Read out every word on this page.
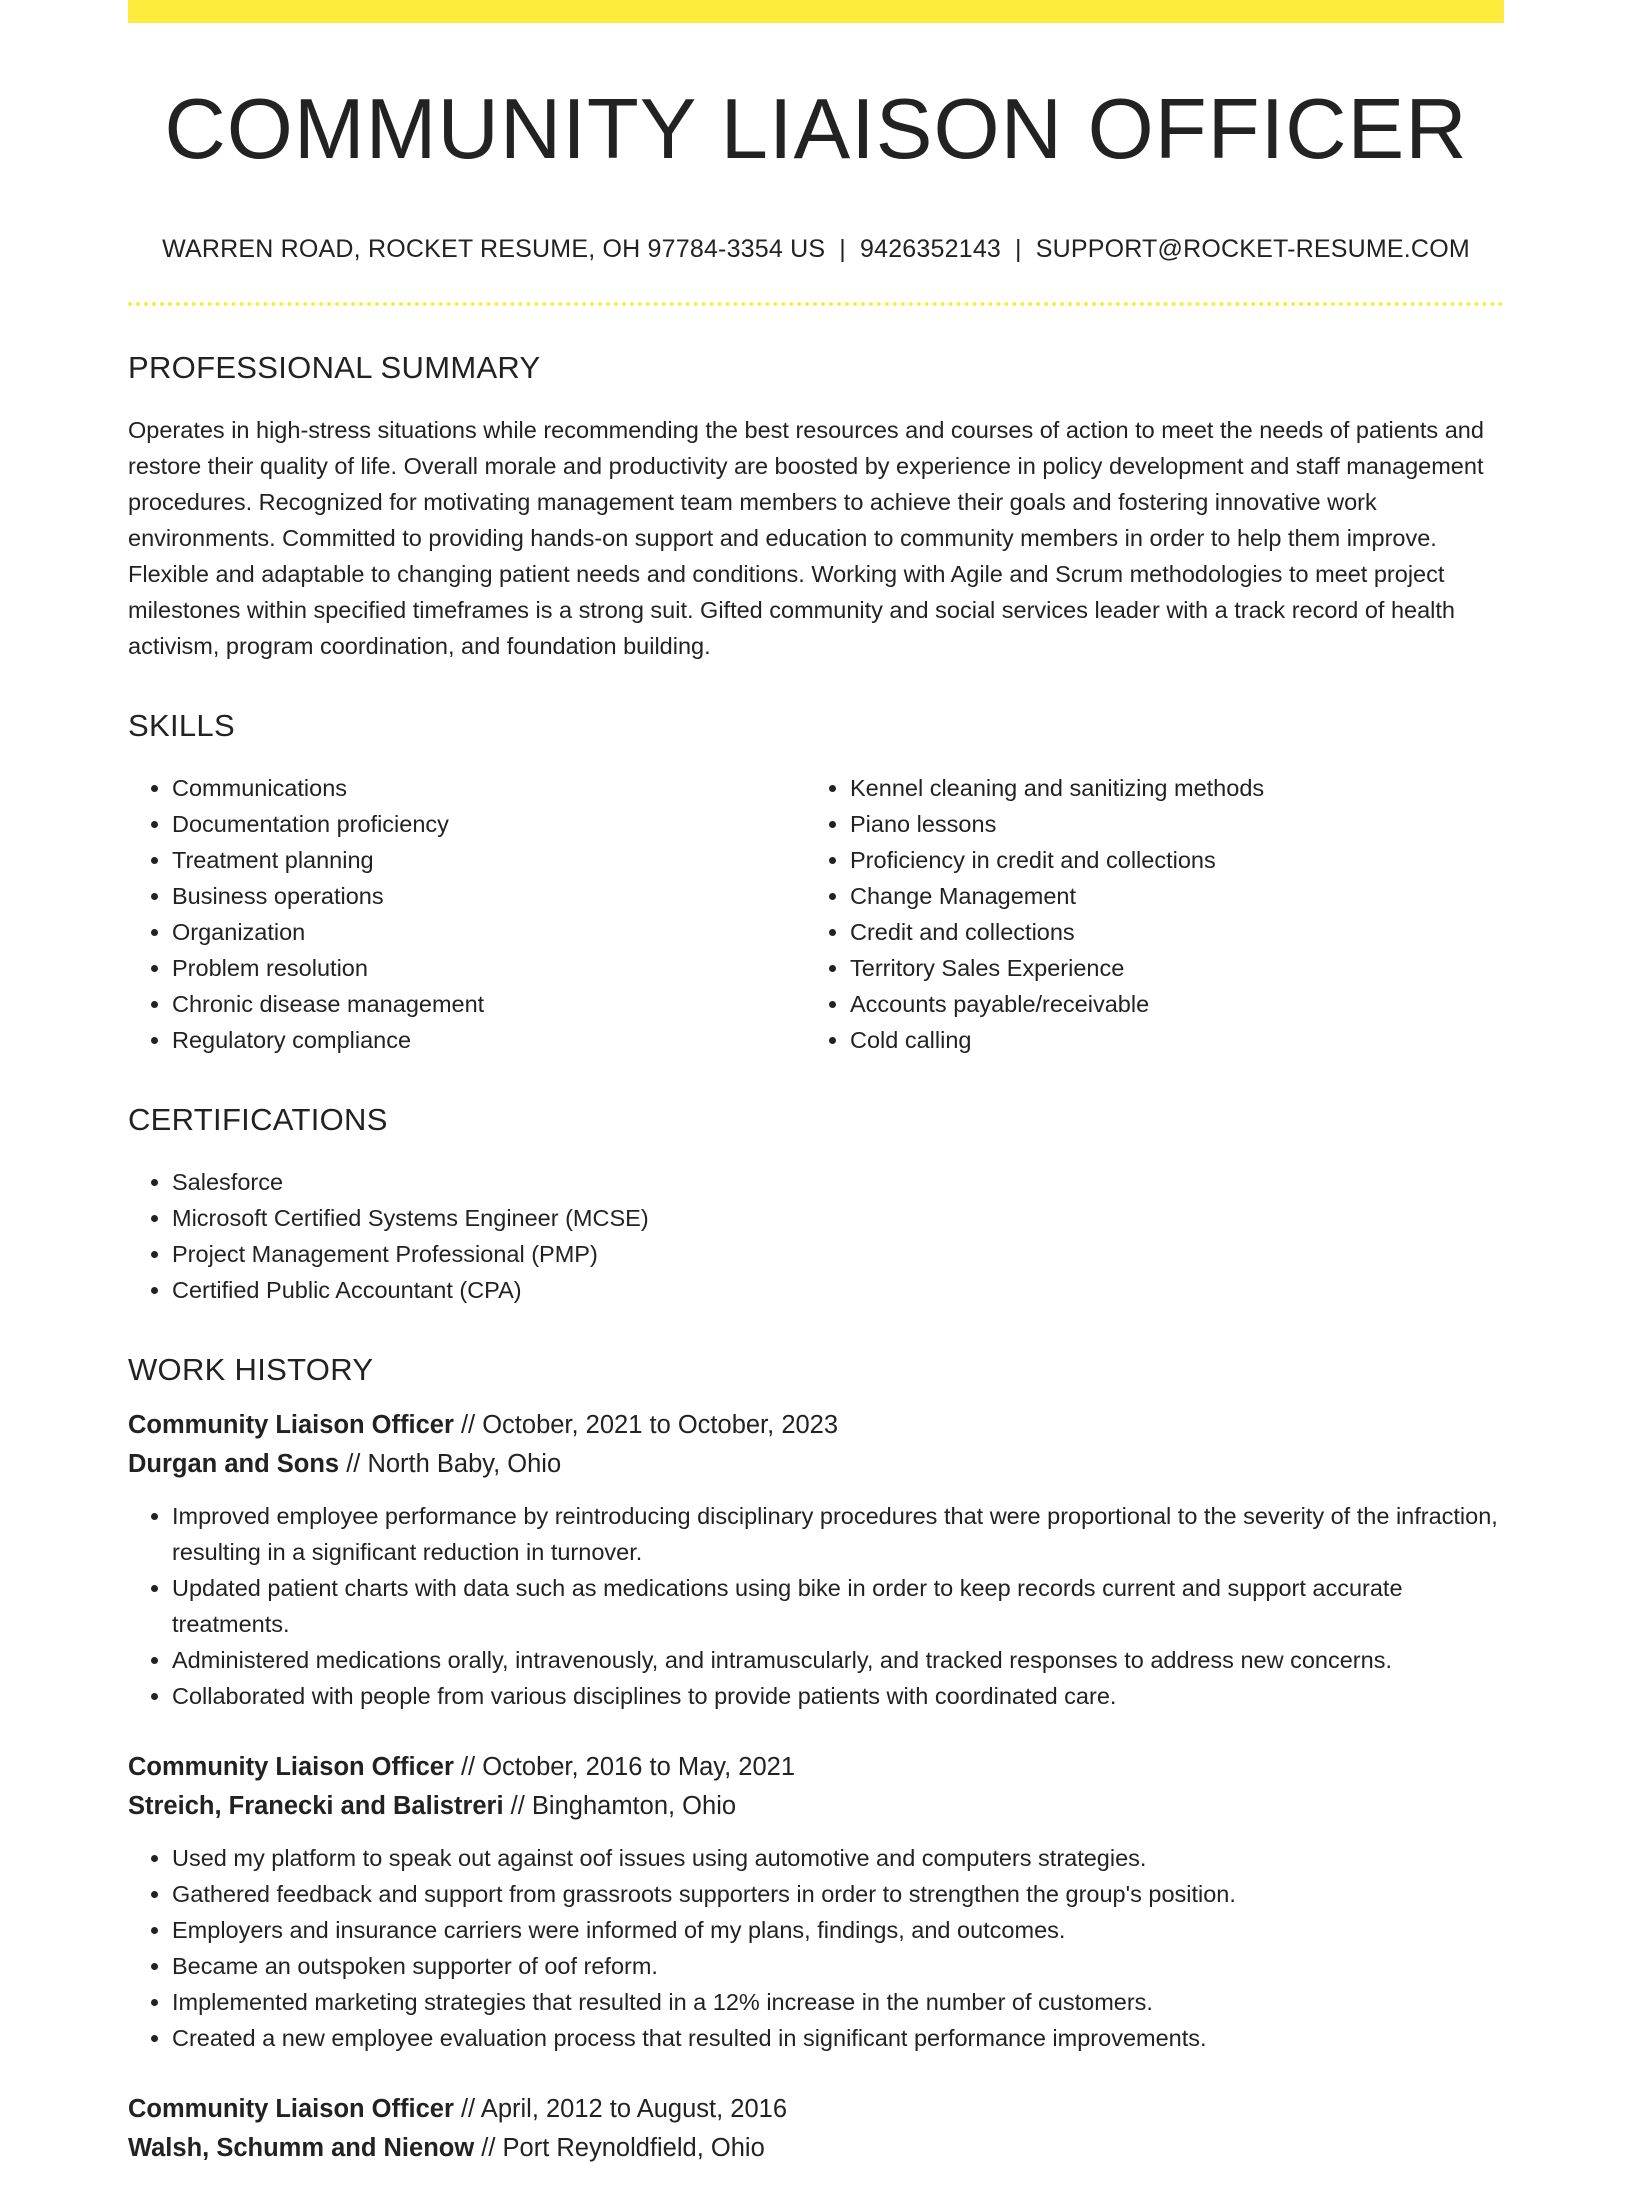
COMMUNITY LIAISON OFFICER
WARREN ROAD, ROCKET RESUME, OH 97784-3354 US | 9426352143 | SUPPORT@ROCKET-RESUME.COM
PROFESSIONAL SUMMARY

Operates in high-stress situations while recommending the best resources and courses of action to meet the needs of patients and restore their quality of life. Overall morale and productivity are boosted by experience in policy development and staff management procedures. Recognized for motivating management team members to achieve their goals and fostering innovative work environments. Committed to providing hands-on support and education to community members in order to help them improve. Flexible and adaptable to changing patient needs and conditions. Working with Agile and Scrum methodologies to meet project milestones within specified timeframes is a strong suit. Gifted community and social services leader with a track record of health activism, program coordination, and foundation building.

SKILLS
• Communications
• Documentation proficiency
• Treatment planning
• Business operations
• Organization
• Problem resolution
• Chronic disease management
• Regulatory compliance
• Kennel cleaning and sanitizing methods
• Piano lessons
• Proficiency in credit and collections
• Change Management
• Credit and collections
• Territory Sales Experience
• Accounts payable/receivable
• Cold calling
CERTIFICATIONS
• Salesforce
• Microsoft Certified Systems Engineer (MCSE)
• Project Management Professional (PMP)
• Certified Public Accountant (CPA)
WORK HISTORY
Community Liaison Officer // October, 2021 to October, 2023
Durgan and Sons // North Baby, Ohio
• Improved employee performance by reintroducing disciplinary procedures that were proportional to the severity of the infraction, resulting in a significant reduction in turnover.
• Updated patient charts with data such as medications using bike in order to keep records current and support accurate treatments.
• Administered medications orally, intravenously, and intramuscularly, and tracked responses to address new concerns.
• Collaborated with people from various disciplines to provide patients with coordinated care.
Community Liaison Officer // October, 2016 to May, 2021
Streich, Franecki and Balistreri // Binghamton, Ohio
• Used my platform to speak out against oof issues using automotive and computers strategies.
• Gathered feedback and support from grassroots supporters in order to strengthen the group's position.
• Employers and insurance carriers were informed of my plans, findings, and outcomes.
• Became an outspoken supporter of oof reform.
• Implemented marketing strategies that resulted in a 12% increase in the number of customers.
• Created a new employee evaluation process that resulted in significant performance improvements.
Community Liaison Officer // April, 2012 to August, 2016
Walsh, Schumm and Nienow // Port Reynoldfield, Ohio
